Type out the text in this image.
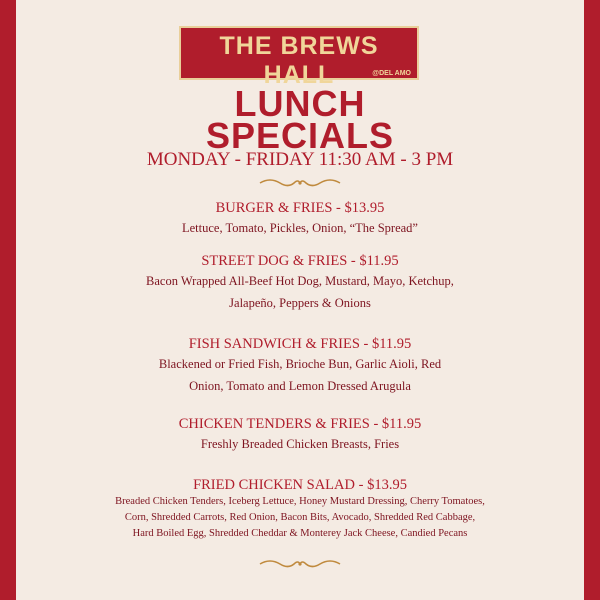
THE BREWS HALL	@DEL AMO
LUNCH
SPECIALS
MONDAY - FRIDAY 11:30 AM - 3 PM
BURGER & FRIES - $13.95
Lettuce, Tomato, Pickles, Onion, “The Spread”
STREET DOG & FRIES - $11.95
Bacon Wrapped All-Beef Hot Dog, Mustard, Mayo, Ketchup,
Jalapeño, Peppers & Onions
FISH SANDWICH & FRIES - $11.95
Blackened or Fried Fish, Brioche Bun, Garlic Aioli, Red
Onion, Tomato and Lemon Dressed Arugula
CHICKEN TENDERS & FRIES - $11.95
Freshly Breaded Chicken Breasts, Fries
FRIED CHICKEN SALAD - $13.95
Breaded Chicken Tenders, Iceberg Lettuce, Honey Mustard Dressing, Cherry Tomatoes,
Corn, Shredded Carrots, Red Onion, Bacon Bits, Avocado, Shredded Red Cabbage,
Hard Boiled Egg, Shredded Cheddar & Monterey Jack Cheese, Candied Pecans
